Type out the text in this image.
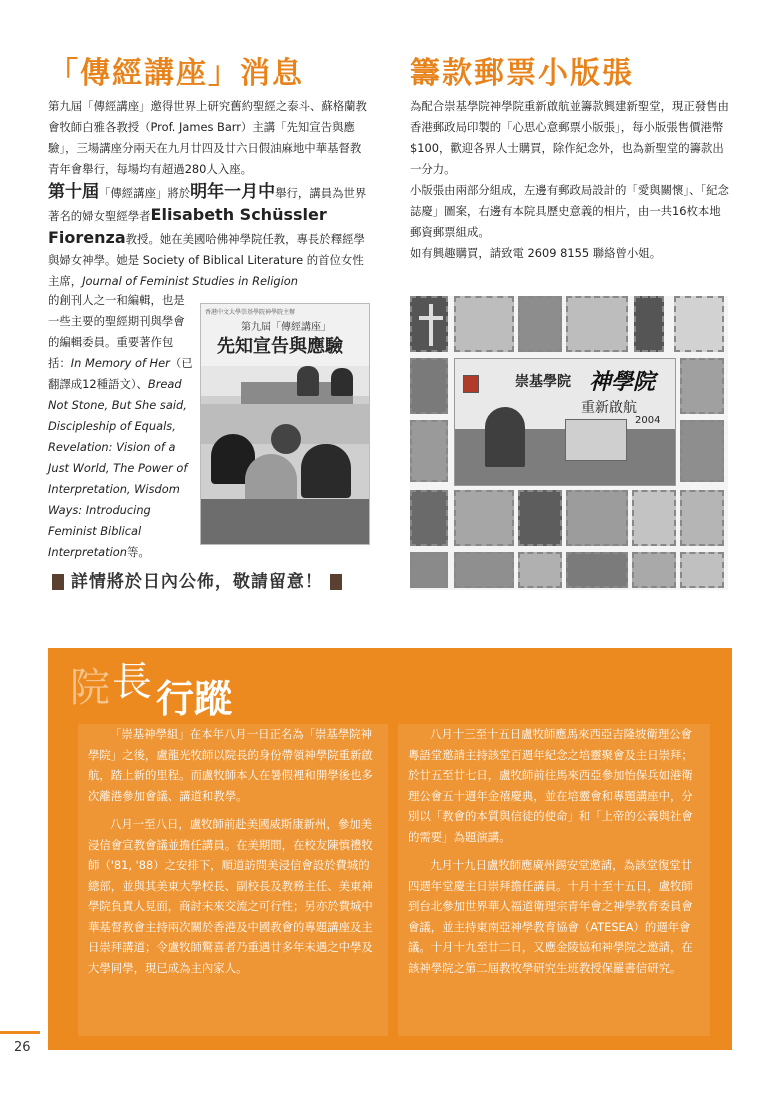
「傳經講座」消息
第九屆「傳經講座」邀得世界上研究舊約聖經之泰斗、蘇格蘭教會牧師白雅各教授（Prof. James Barr）主講「先知宣告與應驗」，三場講座分兩天在九月廿四及廿六日假油麻地中華基督教青年會舉行，每場均有超過280人入座。
第十屆「傳經講座」將於明年一月中舉行，講員為世界著名的婦女聖經學者Elisabeth Schüssler Fiorenza教授。她在美國哈佛神學院任教，專長於釋經學與婦女神學。她是 Society of Biblical Literature 的首位女性主席，Journal of Feminist Studies in Religion
的創刊人之一和編輯，也是一些主要的聖經期刊與學會的編輯委員。重要著作包括：In Memory of Her（已翻譯成12種語文）、Bread Not Stone, But She said, Discipleship of Equals, Revelation: Vision of a Just World, The Power of Interpretation, Wisdom Ways: Introducing Feminist Biblical Interpretation等。
香港中文大學崇基學院神學院主辦
第九屆「傳經講座」
先知宣告與應驗
詳情將於日內公佈，敬請留意！
籌款郵票小版張

為配合崇基學院神學院重新啟航並籌款興建新聖堂，現正發售由香港郵政局印製的「心思心意郵票小版張」，每小版張售價港幣$100，歡迎各界人士購買，除作紀念外，也為新聖堂的籌款出一分力。

小版張由兩部分組成，左邊有郵政局設計的「愛與關懷」、「紀念誌慶」圖案，右邊有本院具歷史意義的相片，由一共16枚本地郵資郵票組成。

如有興趣購買，請致電 2609 8155 聯絡曾小姐。

崇基學院 神學院
重新啟航
2004
院 長 行蹤

「崇基神學組」在本年八月一日正名為「崇基學院神學院」之後，盧龍光牧師以院長的身份帶領神學院重新啟航，踏上新的里程。而盧牧師本人在暑假裡和開學後也多次離港參加會議、講道和教學。

八月一至八日，盧牧師前赴美國威斯康新州，參加美浸信會宣教會議並擔任講員。在美期間，在校友陳慎禮牧師（'81, '88）之安排下，順道訪問美浸信會設於費城的總部，並與其美東大學校長、副校長及教務主任、美東神學院負責人見面，商討未來交流之可行性；另亦於費城中華基督教會主持兩次關於香港及中國教會的專題講座及主日崇拜講道；令盧牧師驚喜者乃重遇廿多年未遇之中學及大學同學，現已成為主內家人。

八月十三至十五日盧牧師應馬來西亞吉隆坡衛理公會粵語堂邀請主持該堂百週年紀念之培靈聚會及主日崇拜；於廿五至廿七日，盧牧師前往馬來西亞參加怡保兵如港衛理公會五十週年金禧慶典，並在培靈會和專題講座中，分別以「教會的本質與信徒的使命」和「上帝的公義與社會的需要」為題演講。

九月十九日盧牧師應廣州錫安堂邀請，為該堂復堂廿四週年堂慶主日崇拜擔任講員。十月十至十五日，盧牧師到台北參加世界華人福道衛理宗青年會之神學教育委員會會議，並主持東南亞神學教育協會（ATESEA）的週年會議。十月十九至廿二日，又應金陵協和神學院之邀請，在該神學院之第二屆教牧學研究生班教授保羅書信研究。

26
